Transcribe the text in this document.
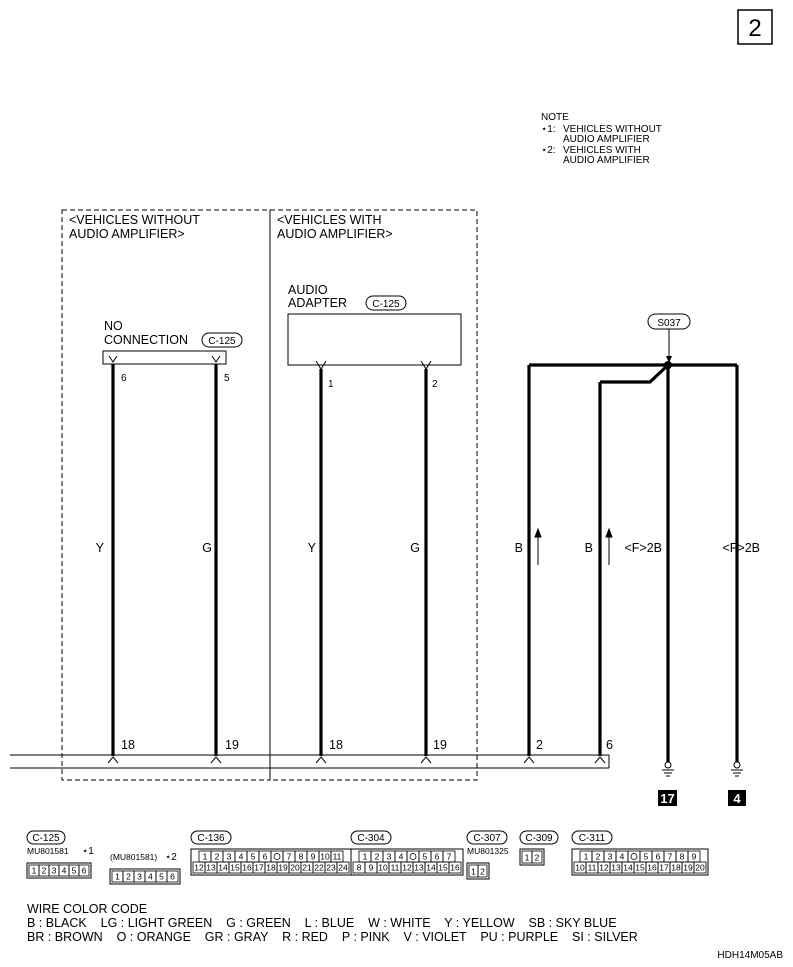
2
NOTE
⋆1: VEHICLES WITHOUT
AUDIO AMPLIFIER
⋆2: VEHICLES WITH
AUDIO AMPLIFIER
<VEHICLES WITHOUT
AUDIO AMPLIFIER>
<VEHICLES WITH
AUDIO AMPLIFIER>
NO
CONNECTION C-125
6	5
AUDIO
ADAPTER	C-125
1	2
S037
Y	G	Y	G	B	B	<F>2B	<F>2B
18	19	18	19	2	6
17	4
C-125
MU801581 ⋆1
1 2 3 4 5 6
(MU801581) ⋆2
1 2 3 4 5 6
C-136
1 2 3 4 5 6 7 8 9 10 11
12 13 14 15 16 17 18 19 20 21 22 23 24
C-304
1 2 3 4 5 6 7
8 9 10 11 12 13 14 15 16
C-307
MU801325
1 2
C-309
1 2
C-311
1 2 3 4 5 6 7 8 9
10 11 12 13 14 15 16 17 18 19 20
WIRE COLOR CODE
B : BLACK    LG : LIGHT GREEN    G : GREEN    L : BLUE    W : WHITE    Y : YELLOW    SB : SKY BLUE
BR : BROWN    O : ORANGE    GR : GRAY    R : RED    P : PINK    V : VIOLET    PU : PURPLE    SI : SILVER
HDH14M05AB
